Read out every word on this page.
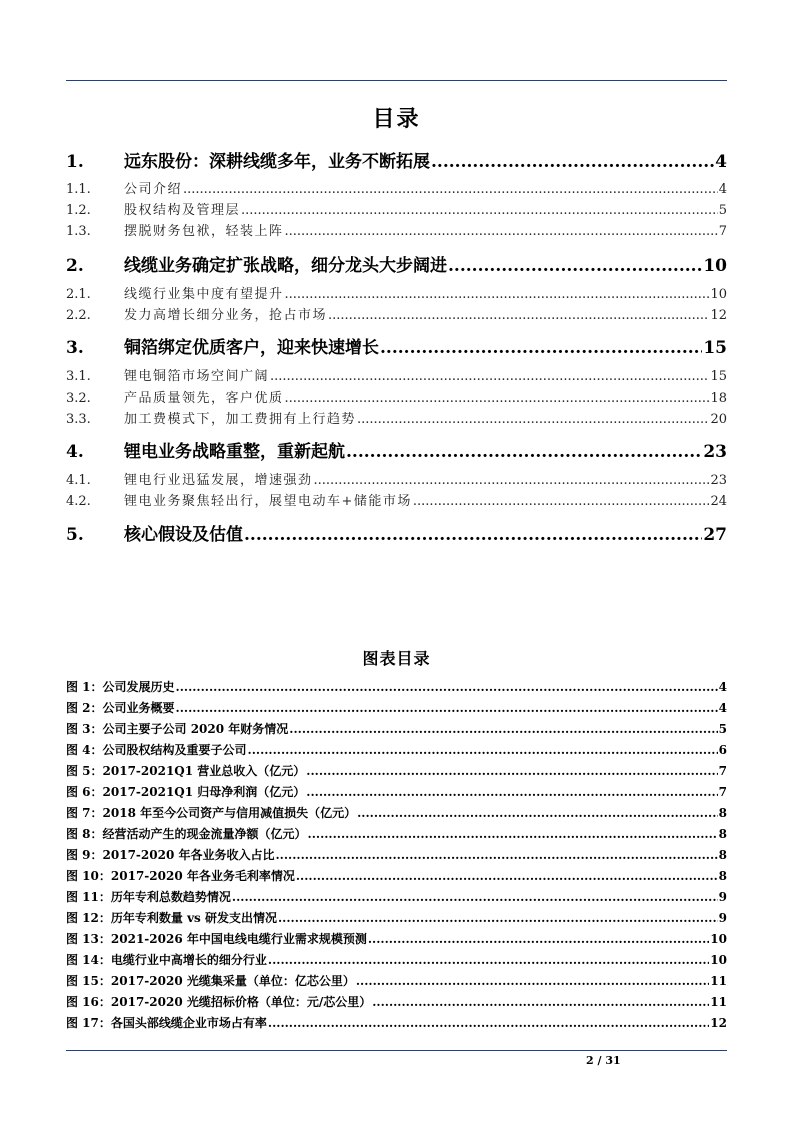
目录
1.	远东股份：深耕线缆多年，业务不断拓展 .....	4
1.1.	公司介绍 .....	4
1.2.	股权结构及管理层 .....	5
1.3.	摆脱财务包袱，轻装上阵 .....	7
2.	线缆业务确定扩张战略，细分龙头大步阔进 .....	10
2.1.	线缆行业集中度有望提升 .....	10
2.2.	发力高增长细分业务，抢占市场 .....	12
3.	铜箔绑定优质客户，迎来快速增长 .....	15
3.1.	锂电铜箔市场空间广阔 .....	15
3.2.	产品质量领先，客户优质 .....	18
3.3.	加工费模式下，加工费拥有上行趋势 .....	20
4.	锂电业务战略重整，重新起航 .....	23
4.1.	锂电行业迅猛发展，增速强劲 .....	23
4.2.	锂电业务聚焦轻出行，展望电动车+储能市场 .....	24
5.	核心假设及估值 .....	27
图 1： 公司发展历史 .....	4
图 2： 公司业务概要 .....	4
图 3： 公司主要子公司 2020 年财务情况 .....	5
图 4： 公司股权结构及重要子公司 .....	6
图 5： 2017-2021Q1 营业总收入（亿元） .....	7
图 6： 2017-2021Q1 归母净利润（亿元） .....	7
图 7： 2018 年至今公司资产与信用减值损失（亿元） .....	8
图 8： 经营活动产生的现金流量净额（亿元） .....	8
图 9： 2017-2020 年各业务收入占比 .....	8
图 10： 2017-2020 年各业务毛利率情况 .....	8
图 11： 历年专利总数趋势情况 .....	9
图 12： 历年专利数量 vs 研发支出情况 .....	9
图 13： 2021-2026 年中国电线电缆行业需求规模预测 .....	10
图 14： 电缆行业中高增长的细分行业 .....	10
图 15： 2017-2020 光缆集采量（单位：亿芯公里） .....	11
图 16： 2017-2020 光缆招标价格（单位：元/芯公里） .....	11
图 17： 各国头部线缆企业市场占有率 .....	12
图表目录
2 / 31
